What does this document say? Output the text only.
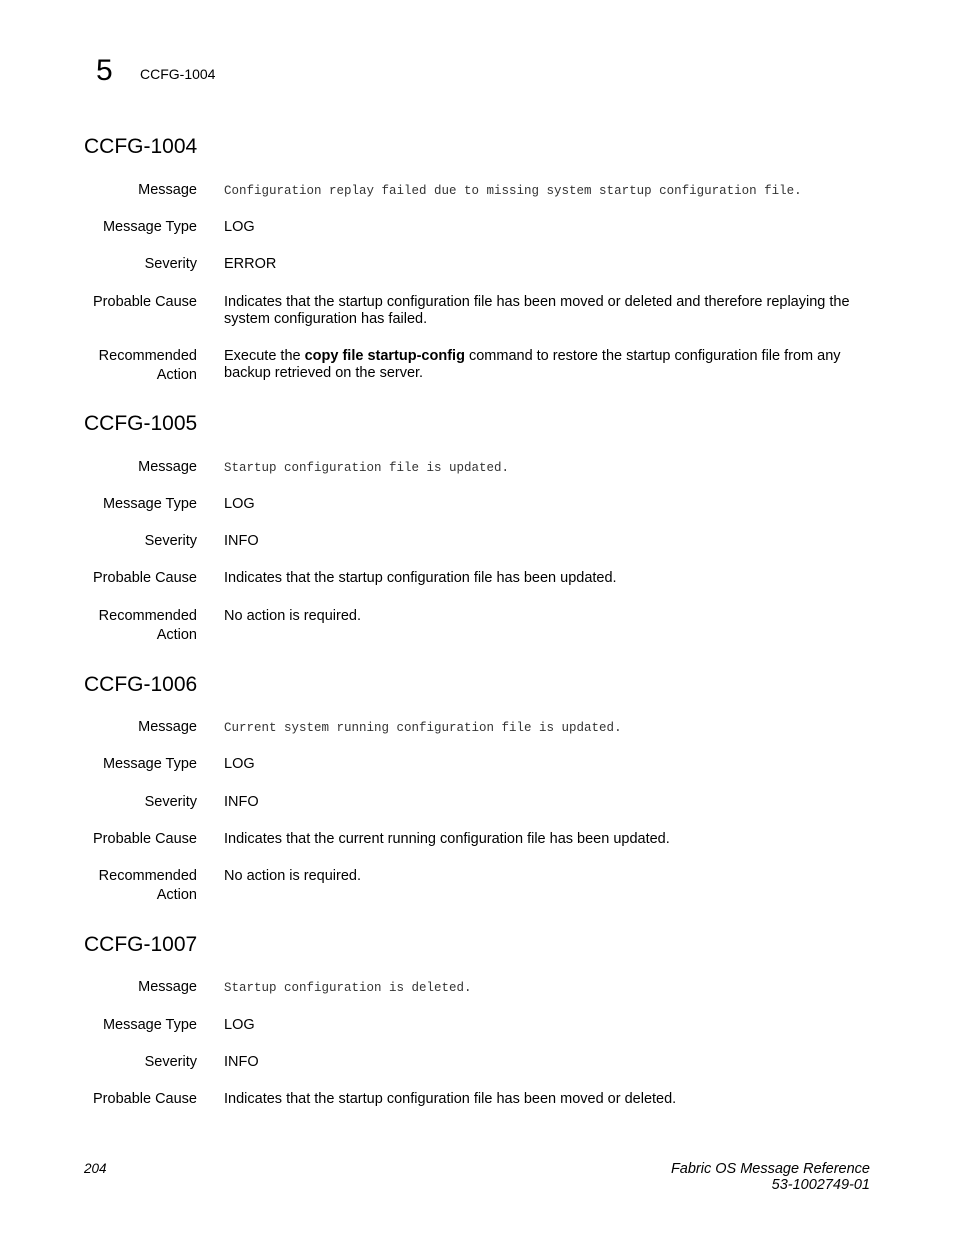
5 CCFG-1004
CCFG-1004
Message Configuration replay failed due to missing system startup configuration file.
Message Type LOG
Severity ERROR
Probable Cause Indicates that the startup configuration file has been moved or deleted and therefore replaying the system configuration has failed.
Recommended
Action
Execute the copy file startup-config command to restore the startup configuration file from any backup retrieved on the server.
CCFG-1005
Message Startup configuration file is updated.
Message Type LOG
Severity INFO
Probable Cause Indicates that the startup configuration file has been updated.
Recommended
Action
No action is required.
CCFG-1006
Message Current system running configuration file is updated.
Message Type LOG
Severity INFO
Probable Cause Indicates that the current running configuration file has been updated.
Recommended
Action
No action is required.
CCFG-1007
Message Startup configuration is deleted.
Message Type LOG
Severity INFO
Probable Cause Indicates that the startup configuration file has been moved or deleted.
204	Fabric OS Message Reference
53-1002749-01
